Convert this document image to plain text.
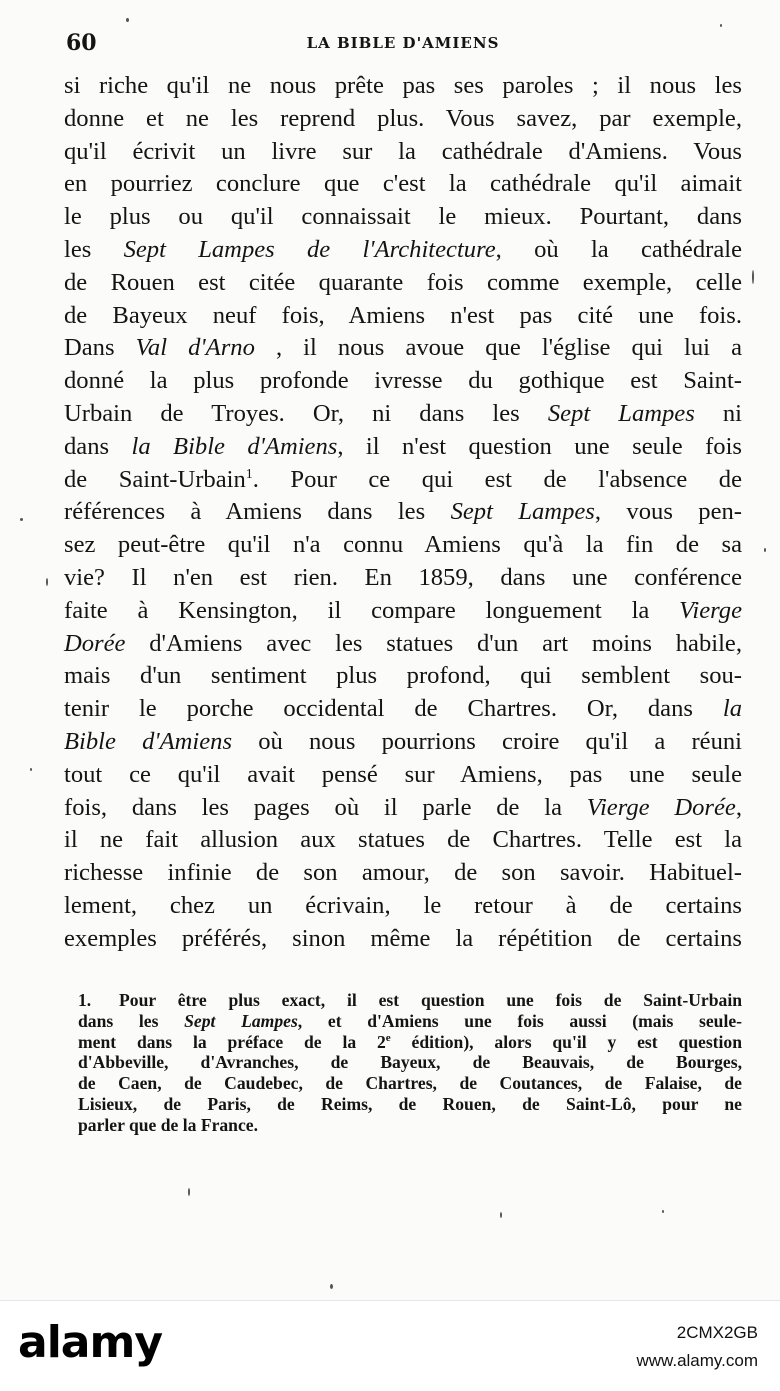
60	LA BIBLE D'AMIENS
si riche qu'il ne nous prête pas ses paroles ; il nous les
donne et ne les reprend plus. Vous savez, par exemple,
qu'il écrivit un livre sur la cathédrale d'Amiens. Vous
en pourriez conclure que c'est la cathédrale qu'il aimait
le plus ou qu'il connaissait le mieux. Pourtant, dans
les Sept Lampes de l'Architecture, où la cathédrale
de Rouen est citée quarante fois comme exemple, celle
de Bayeux neuf fois, Amiens n'est pas cité une fois.
Dans Val d'Arno , il nous avoue que l'église qui lui a
donné la plus profonde ivresse du gothique est Saint-
Urbain de Troyes. Or, ni dans les Sept Lampes ni
dans la Bible d'Amiens, il n'est question une seule fois
de Saint-Urbain$^1$. Pour ce qui est de l'absence de
références à Amiens dans les Sept Lampes, vous pen-
sez peut-être qu'il n'a connu Amiens qu'à la fin de sa
vie? Il n'en est rien. En 1859, dans une conférence
faite à Kensington, il compare longuement la Vierge
Dorée d'Amiens avec les statues d'un art moins habile,
mais d'un sentiment plus profond, qui semblent sou-
tenir le porche occidental de Chartres. Or, dans la
Bible d'Amiens où nous pourrions croire qu'il a réuni
tout ce qu'il avait pensé sur Amiens, pas une seule
fois, dans les pages où il parle de la Vierge Dorée,
il ne fait allusion aux statues de Chartres. Telle est la
richesse infinie de son amour, de son savoir. Habituel-
lement, chez un écrivain, le retour à de certains
exemples préférés, sinon même la répétition de certains
1. Pour être plus exact, il est question une fois de Saint-Urbain
dans les Sept Lampes, et d'Amiens une fois aussi (mais seule-
ment dans la préface de la 2e édition), alors qu'il y est question
d'Abbeville, d'Avranches, de Bayeux, de Beauvais, de Bourges,
de Caen, de Caudebec, de Chartres, de Coutances, de Falaise, de
Lisieux, de Paris, de Reims, de Rouen, de Saint-Lô, pour ne
parler que de la France.
alamy	2CMX2GB
www.alamy.com
